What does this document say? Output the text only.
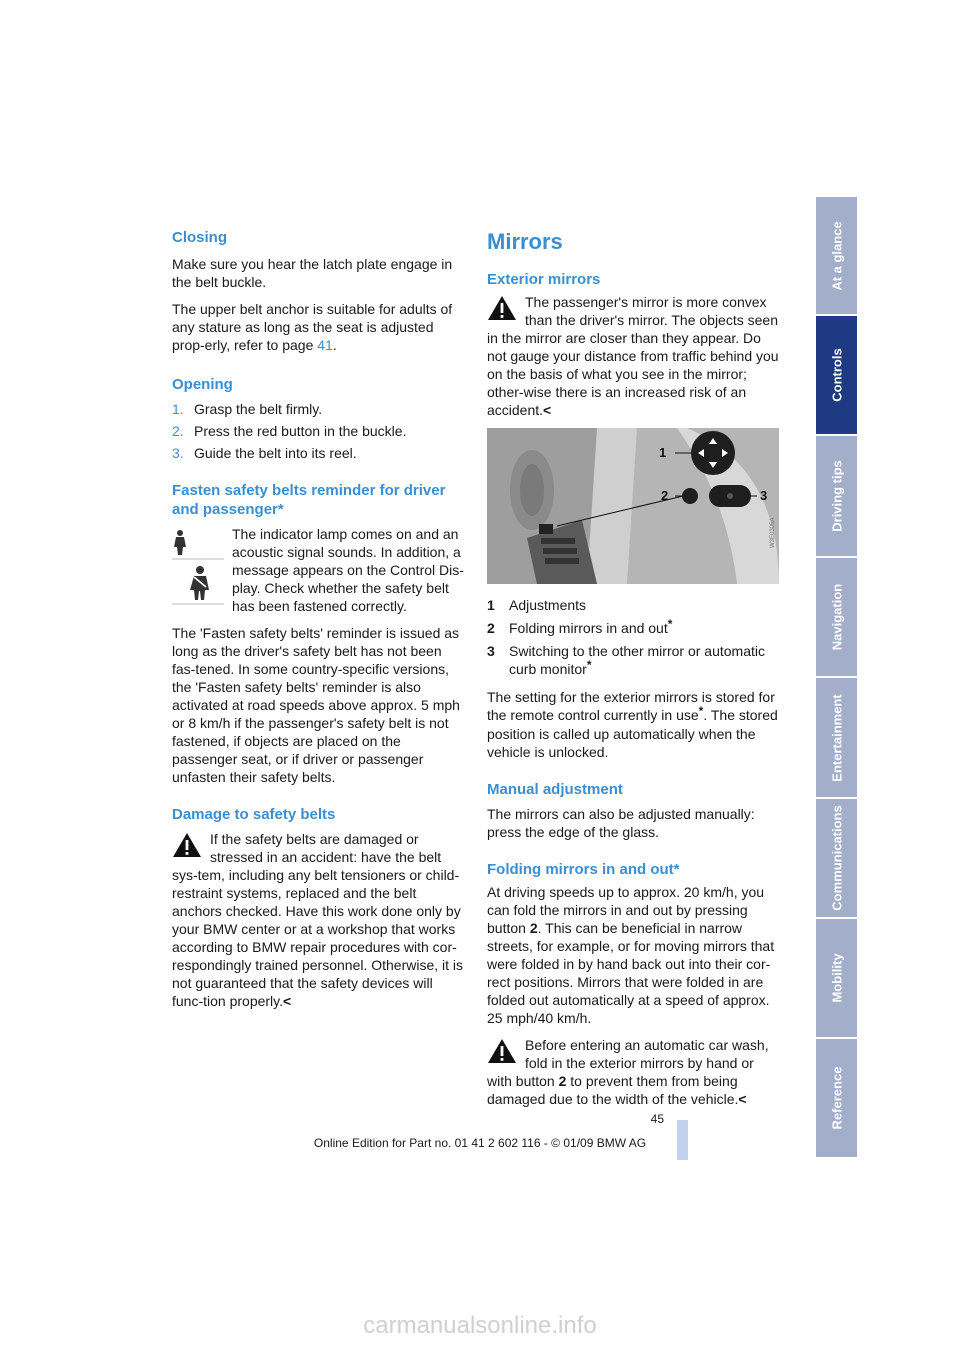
Closing

Make sure you hear the latch plate engage in the belt buckle.

The upper belt anchor is suitable for adults of any stature as long as the seat is adjusted prop-erly, refer to page 41.

Opening
1. Grasp the belt firmly.
2. Press the red button in the buckle.
3. Guide the belt into its reel.
Fasten safety belts reminder for driver and passenger*

The indicator lamp comes on and an acoustic signal sounds. In addition, a message appears on the Control Dis-play. Check whether the safety belt has been fastened correctly.

The 'Fasten safety belts' reminder is issued as long as the driver's safety belt has not been fas-tened. In some country-specific versions, the 'Fasten safety belts' reminder is also activated at road speeds above approx. 5 mph or 8 km/h if the passenger's safety belt is not fastened, if objects are placed on the passenger seat, or if driver or passenger unfasten their safety belts.

Damage to safety belts

If the safety belts are damaged or stressed in an accident: have the belt sys-tem, including any belt tensioners or child-restraint systems, replaced and the belt anchors checked. Have this work done only by your BMW center or at a workshop that works according to BMW repair procedures with cor-respondingly trained personnel. Otherwise, it is not guaranteed that the safety devices will func-tion properly.<

Mirrors
Exterior mirrors

The passenger's mirror is more convex than the driver's mirror. The objects seen in the mirror are closer than they appear. Do not gauge your distance from traffic behind you on the basis of what you see in the mirror; other-wise there is an increased risk of an accident.<

1
2	3
W3E0305A
1	Adjustments
2	Folding mirrors in and out*
3	Switching to the other mirror or automatic curb monitor*

The setting for the exterior mirrors is stored for the remote control currently in use*. The stored position is called up automatically when the vehicle is unlocked.

Manual adjustment

The mirrors can also be adjusted manually: press the edge of the glass.

Folding mirrors in and out*

At driving speeds up to approx. 20 km/h, you can fold the mirrors in and out by pressing button 2. This can be beneficial in narrow streets, for example, or for moving mirrors that were folded in by hand back out into their cor-rect positions. Mirrors that were folded in are folded out automatically at a speed of approx. 25 mph/40 km/h.

Before entering an automatic car wash, fold in the exterior mirrors by hand or with button 2 to prevent them from being damaged due to the width of the vehicle.<

At a glance
Controls
Driving tips
Navigation
Entertainment
Communications
Mobility
Reference
45
Online Edition for Part no. 01 41 2 602 116 - © 01/09 BMW AG
carmanualsonline.info
